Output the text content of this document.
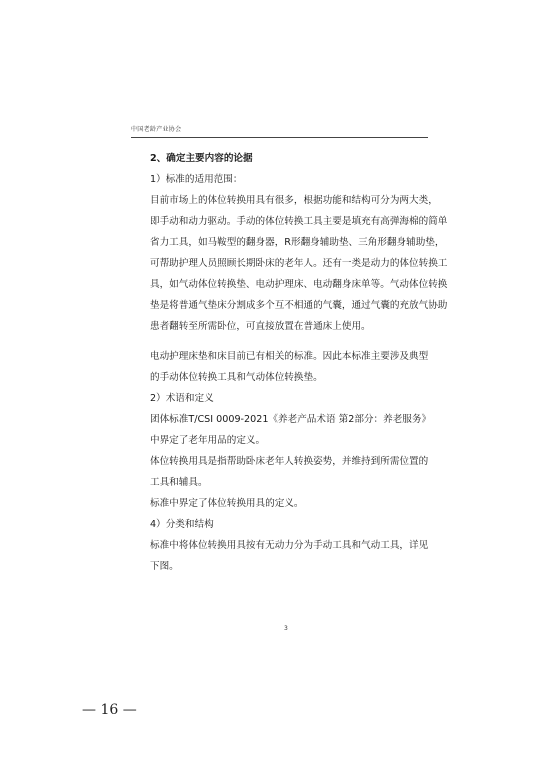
中国老龄产业协会

2、确定主要内容的论据

1）标准的适用范围：

目前市场上的体位转换用具有很多，根据功能和结构可分为两大类，
即手动和动力驱动。手动的体位转换工具主要是填充有高弹海棉的简单
省力工具，如马鞍型的翻身器，R形翻身辅助垫、三角形翻身辅助垫，
可帮助护理人员照顾长期卧床的老年人。还有一类是动力的体位转换工
具，如气动体位转换垫、电动护理床、电动翻身床单等。气动体位转换
垫是将普通气垫床分割成多个互不相通的气囊，通过气囊的充放气协助
患者翻转至所需卧位，可直接放置在普通床上使用。

电动护理床垫和床目前已有相关的标准。因此本标准主要涉及典型
的手动体位转换工具和气动体位转换垫。

2）术语和定义

团体标准T/CSI 0009-2021《养老产品术语 第2部分：养老服务》
中界定了老年用品的定义。

体位转换用具是指帮助卧床老年人转换姿势，并维持到所需位置的
工具和辅具。

标准中界定了体位转换用具的定义。

4）分类和结构

标准中将体位转换用具按有无动力分为手动工具和气动工具，详见
下图。

3
— 16 —
